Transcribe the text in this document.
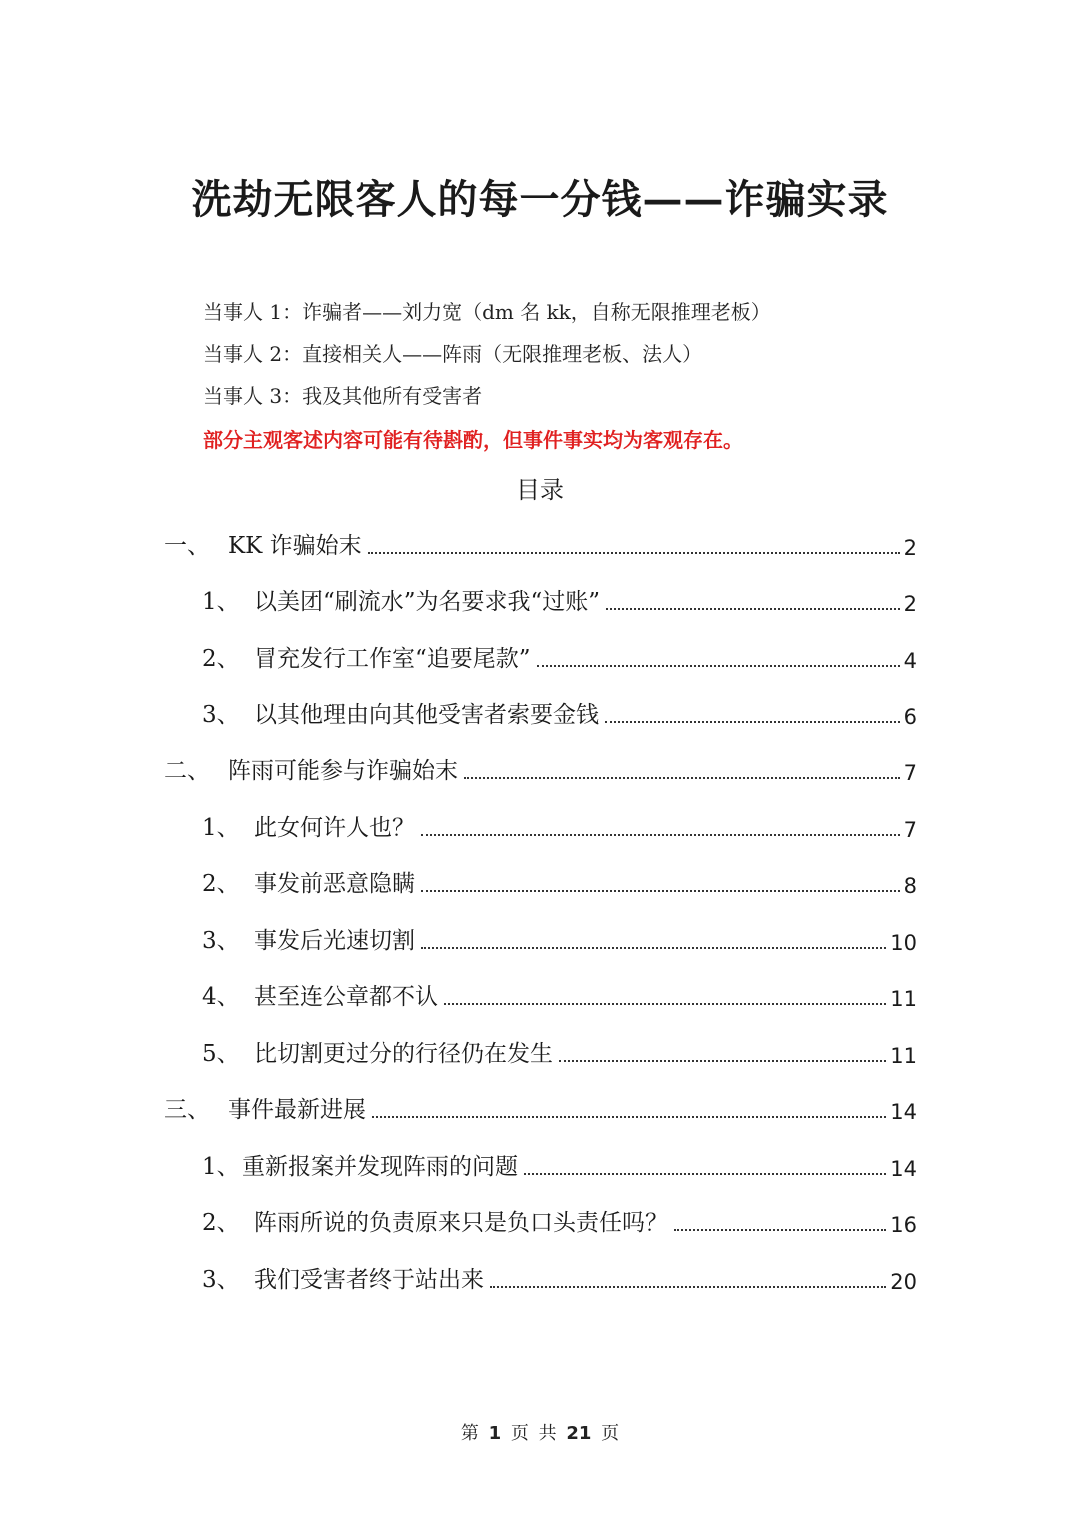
洗劫无限客人的每一分钱——诈骗实录
当事人 1：诈骗者——刘力宽（dm 名 kk，自称无限推理老板）
当事人 2：直接相关人——阵雨（无限推理老板、法人）
当事人 3：我及其他所有受害者
部分主观客述内容可能有待斟酌，但事件事实均为客观存在。
目录
一、 KK 诈骗始末	2
1、 以美团“刷流水”为名要求我“过账”	2
2、 冒充发行工作室“追要尾款”	4
3、 以其他理由向其他受害者索要金钱	6
二、 阵雨可能参与诈骗始末	7
1、 此女何许人也？	7
2、 事发前恶意隐瞒	8
3、 事发后光速切割	10
4、 甚至连公章都不认	11
5、 比切割更过分的行径仍在发生	11
三、 事件最新进展	14
1、 重新报案并发现阵雨的问题	14
2、 阵雨所说的负责原来只是负口头责任吗？	16
3、 我们受害者终于站出来	20
第 1 页 共 21 页
